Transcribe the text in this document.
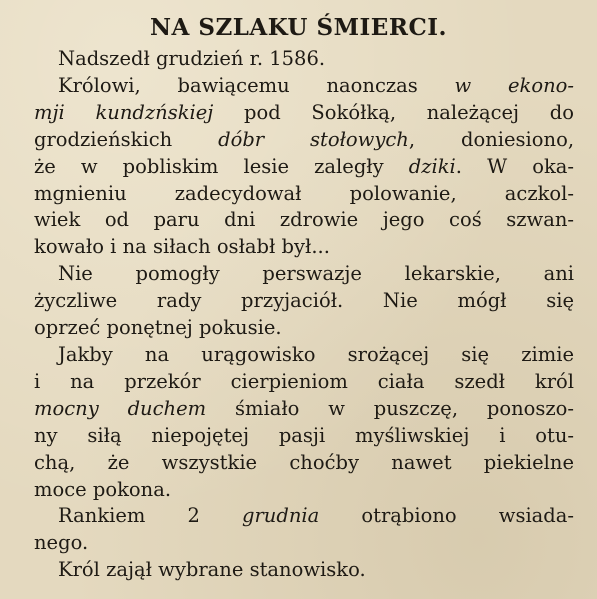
NA SZLAKU ŚMIERCI.
Nadszedł grudzień r. 1586.
Królowi, bawiącemu naonczas w ekono-
mji kundzńskiej pod Sokółką, należącej do
grodzieńskich dóbr stołowych, doniesiono,
że w pobliskim lesie zaległy dziki. W oka-
mgnieniu zadecydował polowanie, aczkol-
wiek od paru dni zdrowie jego coś szwan-
kowało i na siłach osłabł był...
Nie pomogły perswazje lekarskie, ani
życzliwe rady przyjaciół. Nie mógł się
oprzeć ponętnej pokusie.
Jakby na urągowisko srożącej się zimie
i na przekór cierpieniom ciała szedł król
mocny duchem śmiało w puszczę, ponoszo-
ny siłą niepojętej pasji myśliwskiej i otu-
chą, że wszystkie choćby nawet piekielne
moce pokona.
Rankiem 2 grudnia otrąbiono wsiada-
nego.
Król zajął wybrane stanowisko.
